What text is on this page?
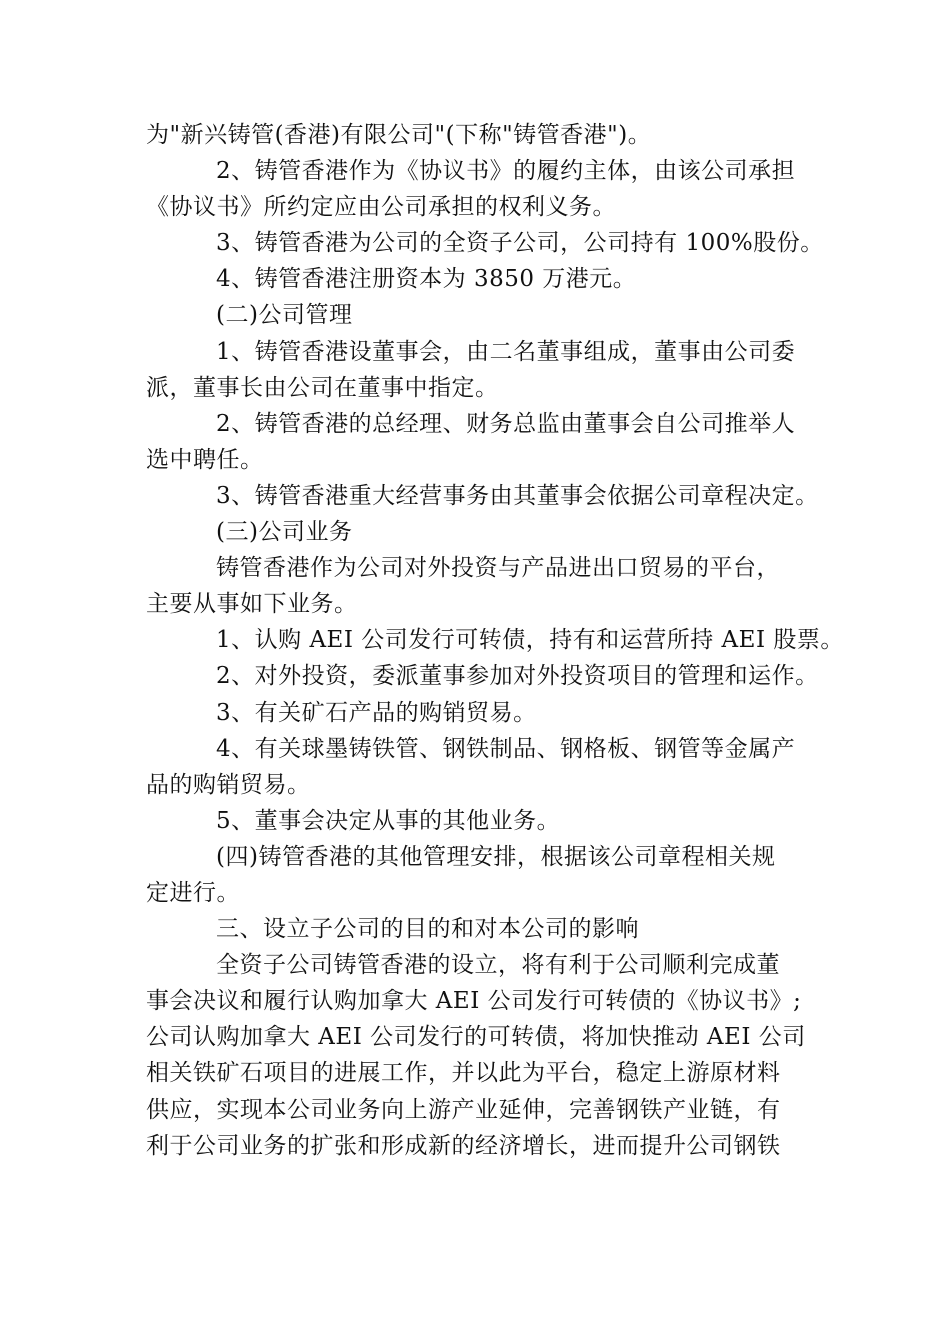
为"新兴铸管(香港)有限公司"(下称"铸管香港")。
2、铸管香港作为《协议书》的履约主体，由该公司承担
《协议书》所约定应由公司承担的权利义务。
3、铸管香港为公司的全资子公司，公司持有 100%股份。
4、铸管香港注册资本为 3850 万港元。
(二)公司管理
1、铸管香港设董事会，由二名董事组成，董事由公司委
派，董事长由公司在董事中指定。
2、铸管香港的总经理、财务总监由董事会自公司推举人
选中聘任。
3、铸管香港重大经营事务由其董事会依据公司章程决定。
(三)公司业务
铸管香港作为公司对外投资与产品进出口贸易的平台，
主要从事如下业务。
1、认购 AEI 公司发行可转债，持有和运营所持 AEI 股票。
2、对外投资，委派董事参加对外投资项目的管理和运作。
3、有关矿石产品的购销贸易。
4、有关球墨铸铁管、钢铁制品、钢格板、钢管等金属产
品的购销贸易。
5、董事会决定从事的其他业务。
(四)铸管香港的其他管理安排，根据该公司章程相关规
定进行。
三、设立子公司的目的和对本公司的影响
全资子公司铸管香港的设立，将有利于公司顺利完成董
事会决议和履行认购加拿大 AEI 公司发行可转债的《协议书》;
公司认购加拿大 AEI 公司发行的可转债，将加快推动 AEI 公司
相关铁矿石项目的进展工作，并以此为平台，稳定上游原材料
供应，实现本公司业务向上游产业延伸，完善钢铁产业链，有
利于公司业务的扩张和形成新的经济增长，进而提升公司钢铁
